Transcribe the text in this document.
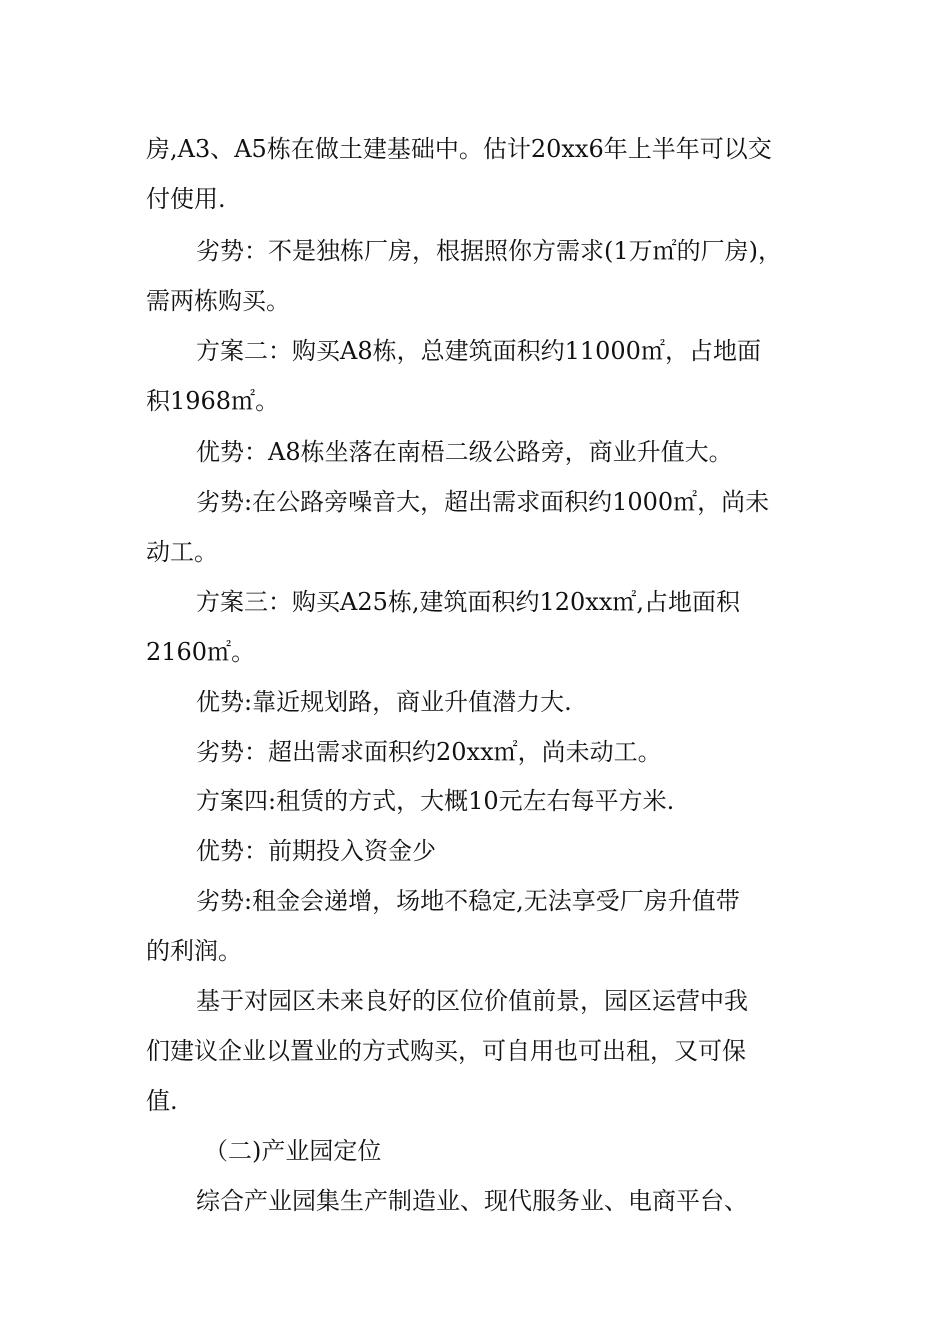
房,A3、A5栋在做土建基础中。估计20xx6年上半年可以交
付使用.
劣势：不是独栋厂房，根据照你方需求(1万㎡的厂房)，
需两栋购买。
方案二：购买A8栋，总建筑面积约11000㎡，占地面
积1968㎡。
优势：A8栋坐落在南梧二级公路旁，商业升值大。
劣势:在公路旁噪音大，超出需求面积约1000㎡，尚未
动工。
方案三：购买A25栋,建筑面积约120xx㎡,占地面积
2160㎡。
优势:靠近规划路，商业升值潜力大.
劣势：超出需求面积约20xx㎡，尚未动工。
方案四:租赁的方式，大概10元左右每平方米.
优势：前期投入资金少
劣势:租金会递增，场地不稳定,无法享受厂房升值带
的利润。
基于对园区未来良好的区位价值前景，园区运营中我
们建议企业以置业的方式购买，可自用也可出租，又可保
值.
（二)产业园定位
综合产业园集生产制造业、现代服务业、电商平台、
